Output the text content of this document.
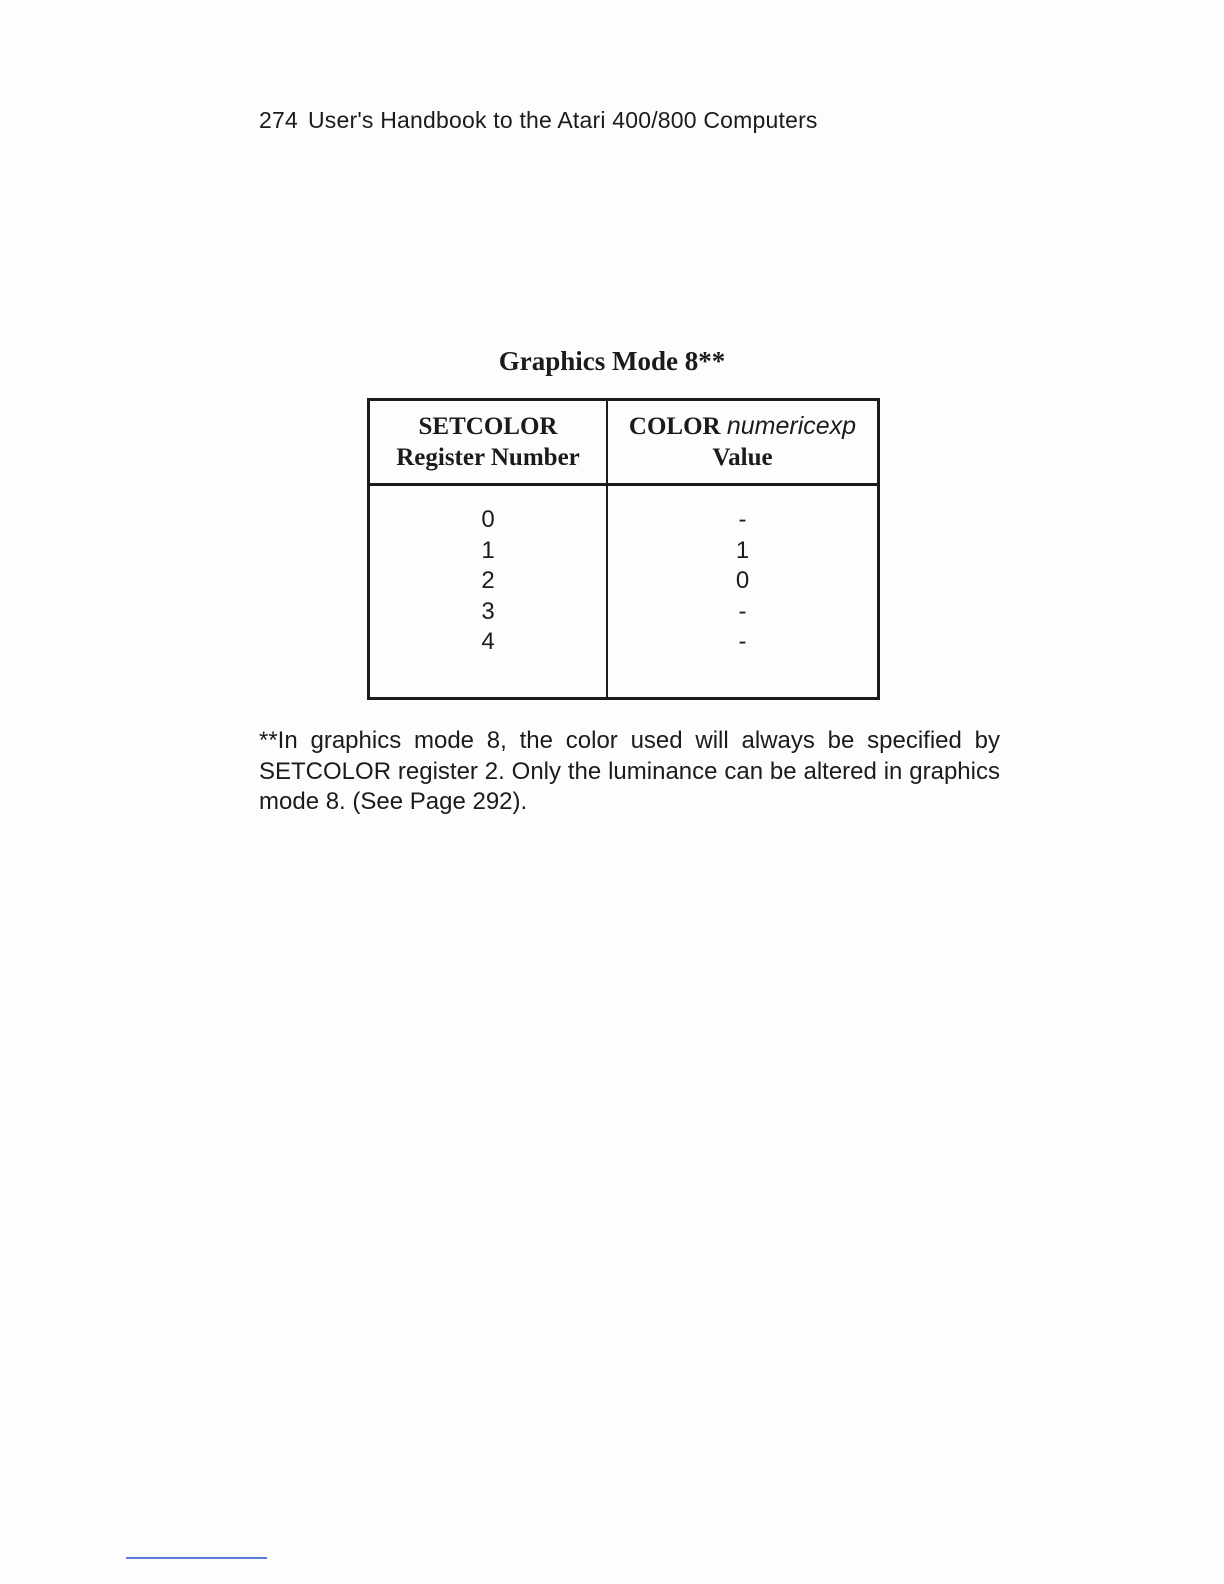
274 User's Handbook to the Atari 400/800 Computers
Graphics Mode 8**
SETCOLOR
Register Number
COLOR numericexp
Value
0
1
2
3
4
-
1
0
-
-
**In graphics mode 8, the color used will always be specified by SETCOLOR register 2. Only the luminance can be altered in graphics mode 8. (See Page 292).
